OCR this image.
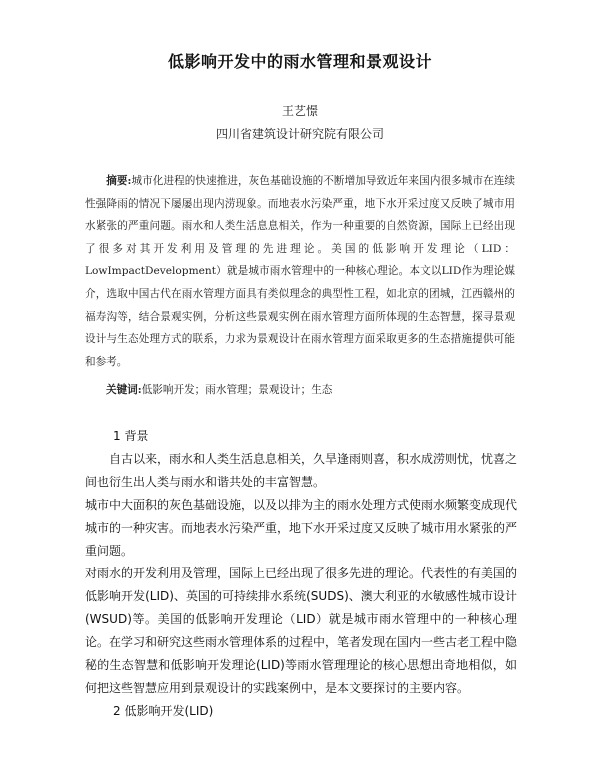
低影响开发中的雨水管理和景观设计
王艺憬
四川省建筑设计研究院有限公司
摘要:城市化进程的快速推进，灰色基础设施的不断增加导致近年来国内很多城市在连续性强降雨的情况下屡屡出现内涝现象。而地表水污染严重，地下水开采过度又反映了城市用水紧张的严重问题。雨水和人类生活息息相关，作为一种重要的自然资源，国际上已经出现了很多对其开发利用及管理的先进理论。美国的低影响开发理论（LID：LowImpactDevelopment）就是城市雨水管理中的一种核心理论。本文以LID作为理论媒介，选取中国古代在雨水管理方面具有类似理念的典型性工程，如北京的团城，江西赣州的福寿沟等，结合景观实例，分析这些景观实例在雨水管理方面所体现的生态智慧，探寻景观设计与生态处理方式的联系，力求为景观设计在雨水管理方面采取更多的生态措施提供可能和参考。
关键词:低影响开发；雨水管理；景观设计；生态

1 背景

自古以来，雨水和人类生活息息相关，久旱逢雨则喜，积水成涝则忧，忧喜之间也衍生出人类与雨水和谐共处的丰富智慧。

城市中大面积的灰色基础设施，以及以排为主的雨水处理方式使雨水频繁变成现代城市的一种灾害。而地表水污染严重，地下水开采过度又反映了城市用水紧张的严重问题。

对雨水的开发利用及管理，国际上已经出现了很多先进的理论。代表性的有美国的低影响开发(LID)、英国的可持续排水系统(SUDS)、澳大利亚的水敏感性城市设计(WSUD)等。美国的低影响开发理论（LID）就是城市雨水管理中的一种核心理论。在学习和研究这些雨水管理体系的过程中，笔者发现在国内一些古老工程中隐秘的生态智慧和低影响开发理论(LID)等雨水管理理论的核心思想出奇地相似，如何把这些智慧应用到景观设计的实践案例中，是本文要探讨的主要内容。

2 低影响开发(LID)
